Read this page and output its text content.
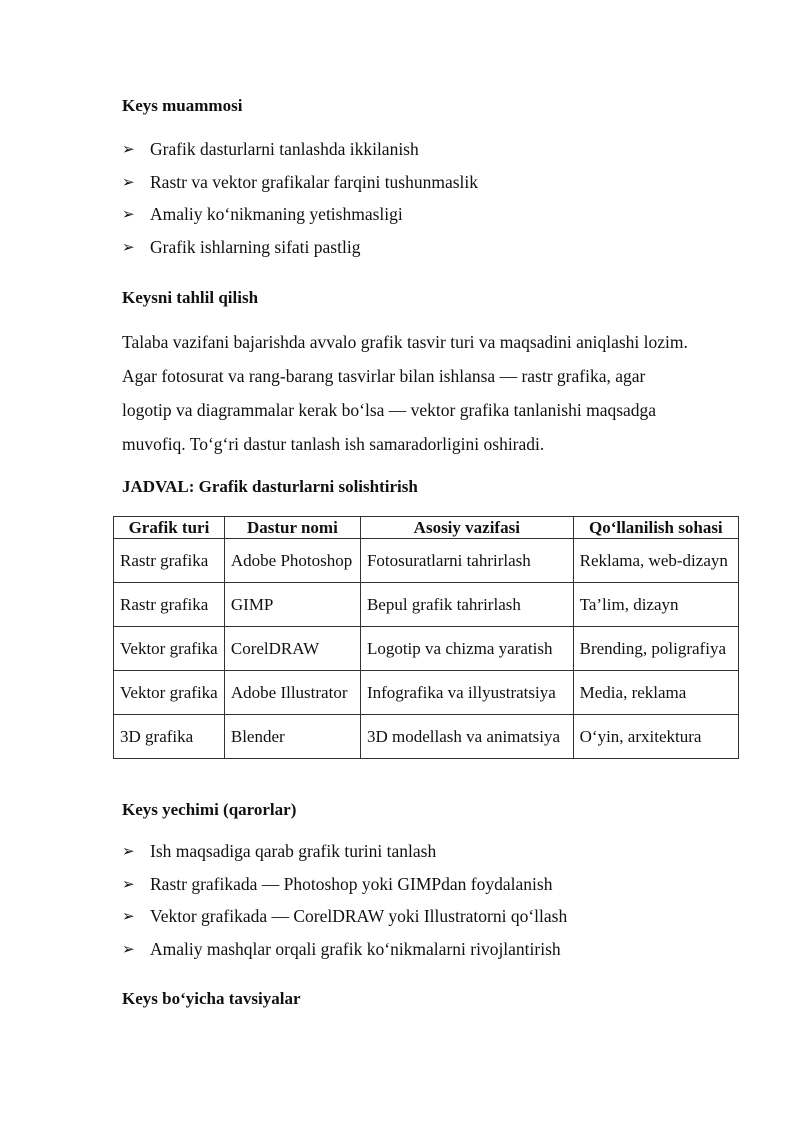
Keys muammosi
➢ Grafik dasturlarni tanlashda ikkilanish
➢ Rastr va vektor grafikalar farqini tushunmaslik
➢ Amaliy koʻnikmaning yetishmasligi
➢ Grafik ishlarning sifati pastlig
Keysni tahlil qilish
Talaba vazifani bajarishda avvalo grafik tasvir turi va maqsadini aniqlashi lozim.
Agar fotosurat va rang-barang tasvirlar bilan ishlansa — rastr grafika, agar
logotip va diagrammalar kerak boʻlsa — vektor grafika tanlanishi maqsadga
muvofiq. Toʻgʻri dastur tanlash ish samaradorligini oshiradi.
JADVAL: Grafik dasturlarni solishtirish
Grafik turi	Dastur nomi	Asosiy vazifasi	Qoʻllanilish sohasi
Rastr grafika	Adobe Photoshop	Fotosuratlarni tahrirlash	Reklama, web-dizayn
Rastr grafika	GIMP	Bepul grafik tahrirlash	Ta’lim, dizayn
Vektor grafika	CorelDRAW	Logotip va chizma yaratish	Brending, poligrafiya
Vektor grafika	Adobe Illustrator	Infografika va illyustratsiya	Media, reklama
3D grafika	Blender	3D modellash va animatsiya	Oʻyin, arxitektura
Keys yechimi (qarorlar)
➢ Ish maqsadiga qarab grafik turini tanlash
➢ Rastr grafikada — Photoshop yoki GIMPdan foydalanish
➢ Vektor grafikada — CorelDRAW yoki Illustratorni qoʻllash
➢ Amaliy mashqlar orqali grafik koʻnikmalarni rivojlantirish
Keys boʻyicha tavsiyalar
